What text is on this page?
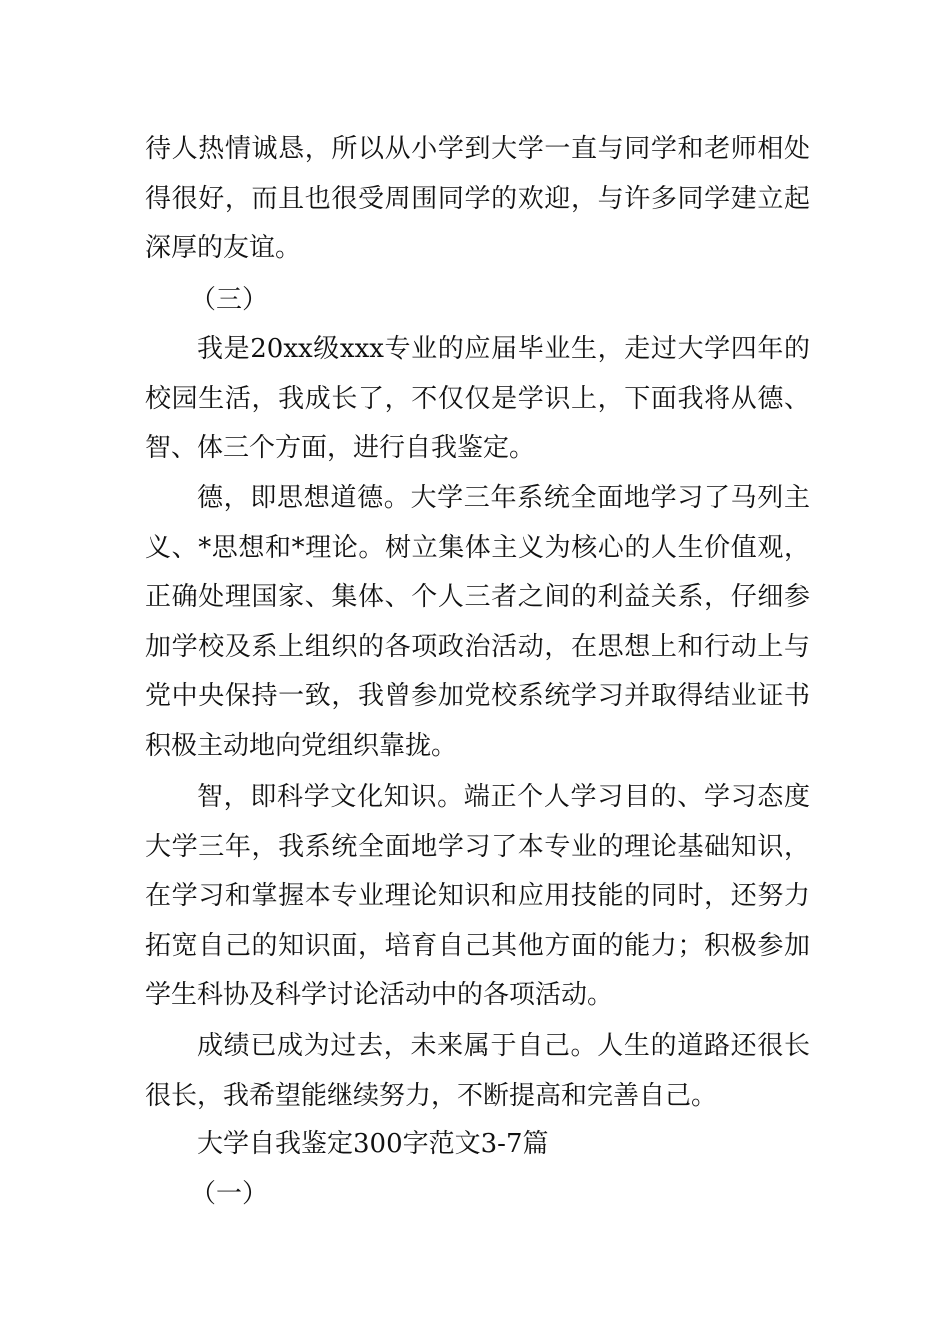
待人热情诚恳，所以从小学到大学一直与同学和老师相处得很好，而且也很受周围同学的欢迎，与许多同学建立起深厚的友谊。

（三）

我是20xx级xxx专业的应届毕业生，走过大学四年的校园生活，我成长了，不仅仅是学识上，下面我将从德、智、体三个方面，进行自我鉴定。

德，即思想道德。大学三年系统全面地学习了马列主义、*思想和*理论。树立集体主义为核心的人生价值观，正确处理国家、集体、个人三者之间的利益关系，仔细参加学校及系上组织的各项政治活动，在思想上和行动上与党中央保持一致，我曾参加党校系统学习并取得结业证书积极主动地向党组织靠拢。

智，即科学文化知识。端正个人学习目的、学习态度大学三年，我系统全面地学习了本专业的理论基础知识，在学习和掌握本专业理论知识和应用技能的同时，还努力拓宽自己的知识面，培育自己其他方面的能力；积极参加学生科协及科学讨论活动中的各项活动。

成绩已成为过去，未来属于自己。人生的道路还很长很长，我希望能继续努力，不断提高和完善自己。

大学自我鉴定300字范文3-7篇

（一）
